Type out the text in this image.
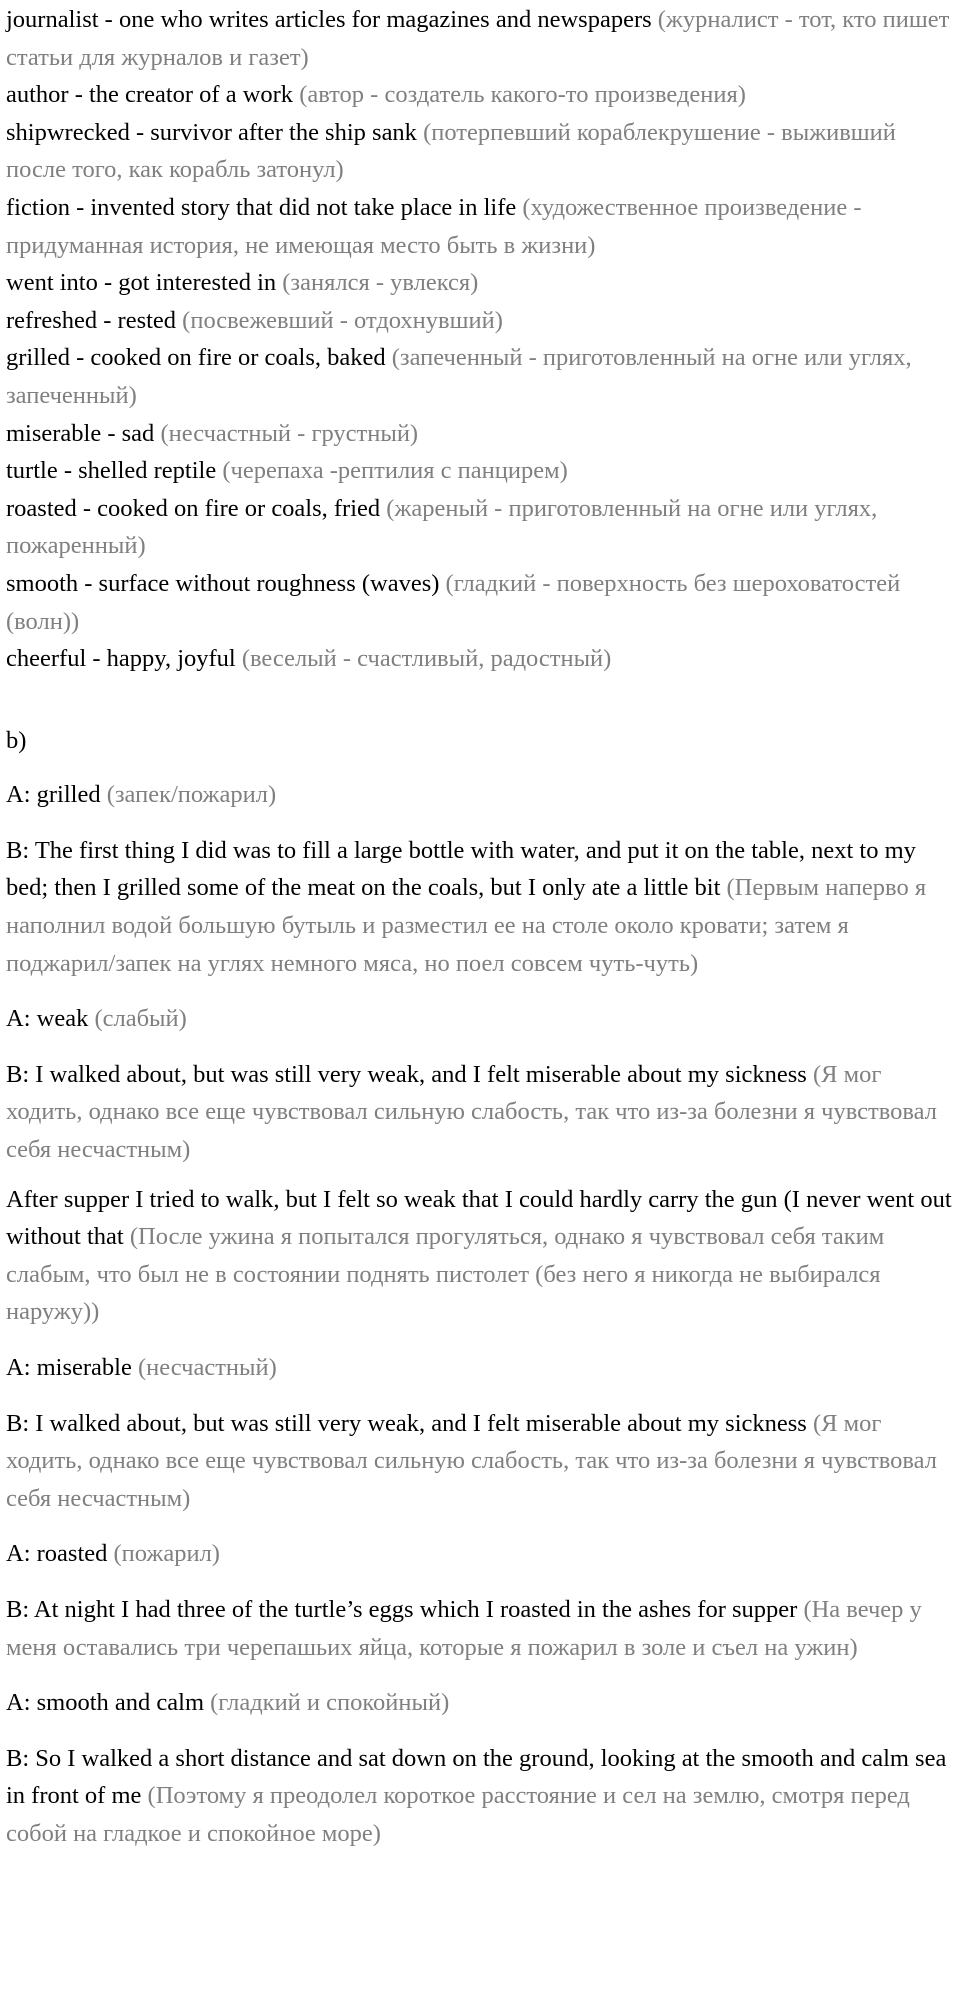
journalist - one who writes articles for magazines and newspapers (журналист - тот, кто пишет статьи для журналов и газет)

author - the creator of a work (автор - создатель какого-то произведения)

shipwrecked - survivor after the ship sank (потерпевший кораблекрушение - выживший после того, как корабль затонул)

fiction - invented story that did not take place in life (художественное произведение - придуманная история, не имеющая место быть в жизни)

went into - got interested in (занялся - увлекся)

refreshed - rested (посвежевший - отдохнувший)

grilled - cooked on fire or coals, baked (запеченный - приготовленный на огне или углях, запеченный)

miserable - sad (несчастный - грустный)

turtle - shelled reptile (черепаха -рептилия с панцирем)

roasted - cooked on fire or coals, fried (жареный - приготовленный на огне или углях, пожаренный)

smooth - surface without roughness (waves) (гладкий - поверхность без шероховатостей (волн))

cheerful - happy, joyful (веселый - счастливый, радостный)

b)

A: grilled (запек/пожарил)

B: The first thing I did was to fill a large bottle with water, and put it on the table, next to my bed; then I grilled some of the meat on the coals, but I only ate a little bit (Первым наперво я наполнил водой большую бутыль и разместил ее на столе около кровати; затем я поджарил/запек на углях немного мяса, но поел совсем чуть-чуть)

A: weak (слабый)

B: I walked about, but was still very weak, and I felt miserable about my sickness (Я мог ходить, однако все еще чувствовал сильную слабость, так что из-за болезни я чувствовал себя несчастным)

After supper I tried to walk, but I felt so weak that I could hardly carry the gun (I never went out without that (После ужина я попытался прогуляться, однако я чувствовал себя таким слабым, что был не в состоянии поднять пистолет (без него я никогда не выбирался наружу))

A: miserable (несчастный)

B: I walked about, but was still very weak, and I felt miserable about my sickness (Я мог ходить, однако все еще чувствовал сильную слабость, так что из-за болезни я чувствовал себя несчастным)

A: roasted (пожарил)

B: At night I had three of the turtle’s eggs which I roasted in the ashes for supper (На вечер у меня оставались три черепашьих яйца, которые я пожарил в золе и съел на ужин)

A: smooth and calm (гладкий и спокойный)

B: So I walked a short distance and sat down on the ground, looking at the smooth and calm sea in front of me (Поэтому я преодолел короткое расстояние и сел на землю, смотря перед собой на гладкое и спокойное море)
